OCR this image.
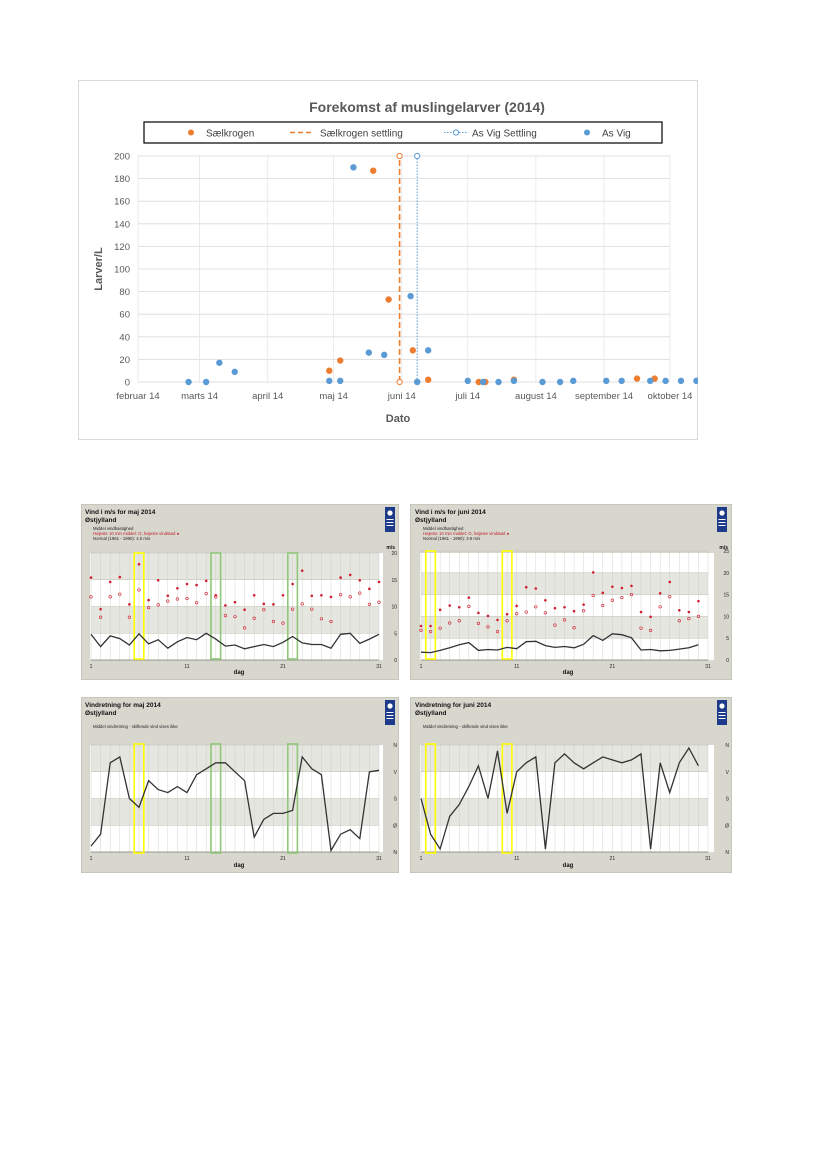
Forekomst af muslingelarver (2014)
Sælkrogen	Sælkrogen settling	As Vig Settling	As Vig
0
20
40
60
80
100
120
140
160
180
200
februar 14 marts 14	april 14	maj 14	juni 14	juli 14	august 14 september 14 oktober 14
Larver/L
Dato
Vind i m/s for maj 2014
Østjylland
Middel vindhastighed
Højeste 10 min middel: O, højeste vindstød ●
Normal (1961 - 1990): 4.0 m/s
m/s
0
5
10
15
20
1	11	21	31
dag
Vind i m/s for juni 2014
Østjylland
Middel vindhastighed
Højeste 10 min middel: O, højeste vindstød ●
Normal (1961 - 1990): 3.9 m/s
m/s
0
5
10
15
20
25
1	11	21	31
dag
Vindretning for maj 2014
Østjylland
Middel vindretning - skiftende vind vises ikke
N
Ø
S
V
N
1	11	21	31
dag
Vindretning for juni 2014
Østjylland
Middel vindretning - skiftende vind vises ikke
N
Ø
S
V
N
1	11	21	31
dag
